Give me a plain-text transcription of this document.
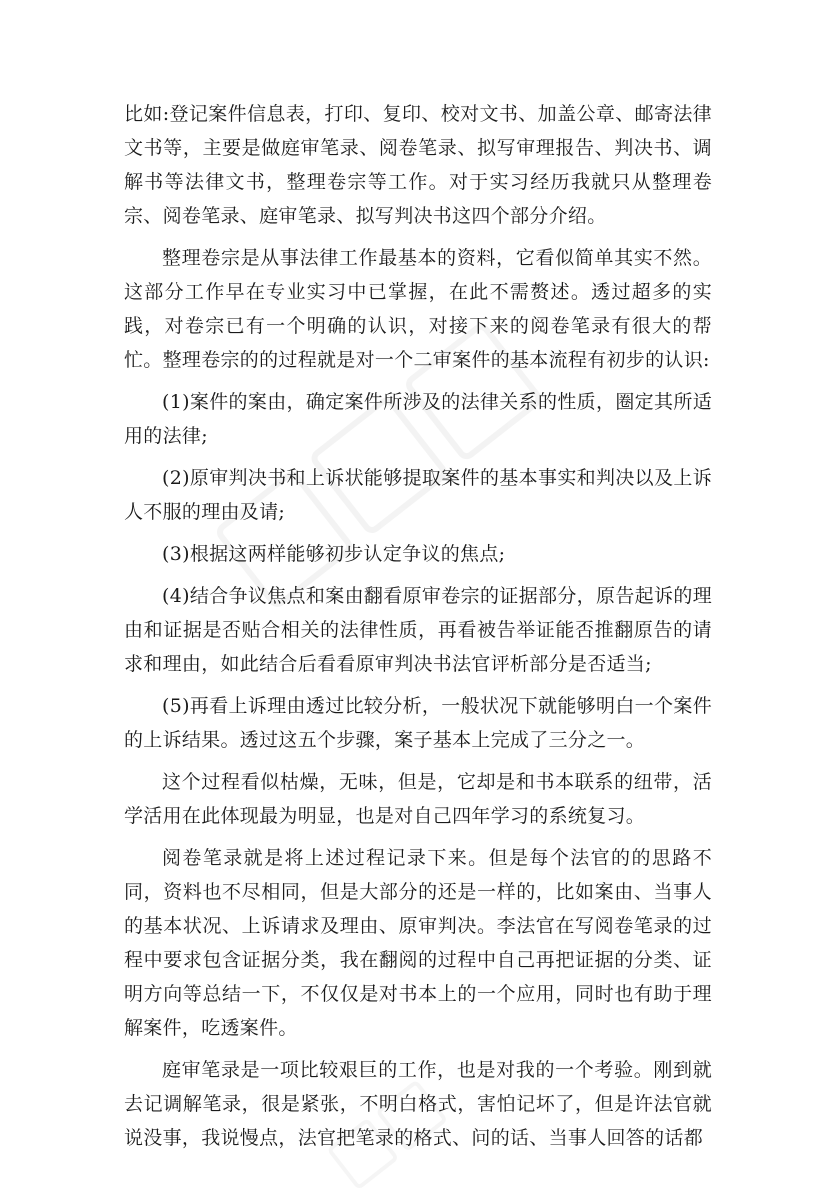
比如:登记案件信息表，打印、复印、校对文书、加盖公章、邮寄法律文书等，主要是做庭审笔录、阅卷笔录、拟写审理报告、判决书、调解书等法律文书，整理卷宗等工作。对于实习经历我就只从整理卷宗、阅卷笔录、庭审笔录、拟写判决书这四个部分介绍。

整理卷宗是从事法律工作最基本的资料，它看似简单其实不然。这部分工作早在专业实习中已掌握，在此不需赘述。透过超多的实践，对卷宗已有一个明确的认识，对接下来的阅卷笔录有很大的帮忙。整理卷宗的的过程就是对一个二审案件的基本流程有初步的认识:

(1)案件的案由，确定案件所涉及的法律关系的性质，圈定其所适用的法律;

(2)原审判决书和上诉状能够提取案件的基本事实和判决以及上诉人不服的理由及请;

(3)根据这两样能够初步认定争议的焦点;

(4)结合争议焦点和案由翻看原审卷宗的证据部分，原告起诉的理由和证据是否贴合相关的法律性质，再看被告举证能否推翻原告的请求和理由，如此结合后看看原审判决书法官评析部分是否适当;

(5)再看上诉理由透过比较分析，一般状况下就能够明白一个案件的上诉结果。透过这五个步骤，案子基本上完成了三分之一。

这个过程看似枯燥，无味，但是，它却是和书本联系的纽带，活学活用在此体现最为明显，也是对自己四年学习的系统复习。

阅卷笔录就是将上述过程记录下来。但是每个法官的的思路不同，资料也不尽相同，但是大部分的还是一样的，比如案由、当事人的基本状况、上诉请求及理由、原审判决。李法官在写阅卷笔录的过程中要求包含证据分类，我在翻阅的过程中自己再把证据的分类、证明方向等总结一下，不仅仅是对书本上的一个应用，同时也有助于理解案件，吃透案件。

庭审笔录是一项比较艰巨的工作，也是对我的一个考验。刚到就去记调解笔录，很是紧张，不明白格式，害怕记坏了，但是许法官就说没事，我说慢点，法官把笔录的格式、问的话、当事人回答的话都
